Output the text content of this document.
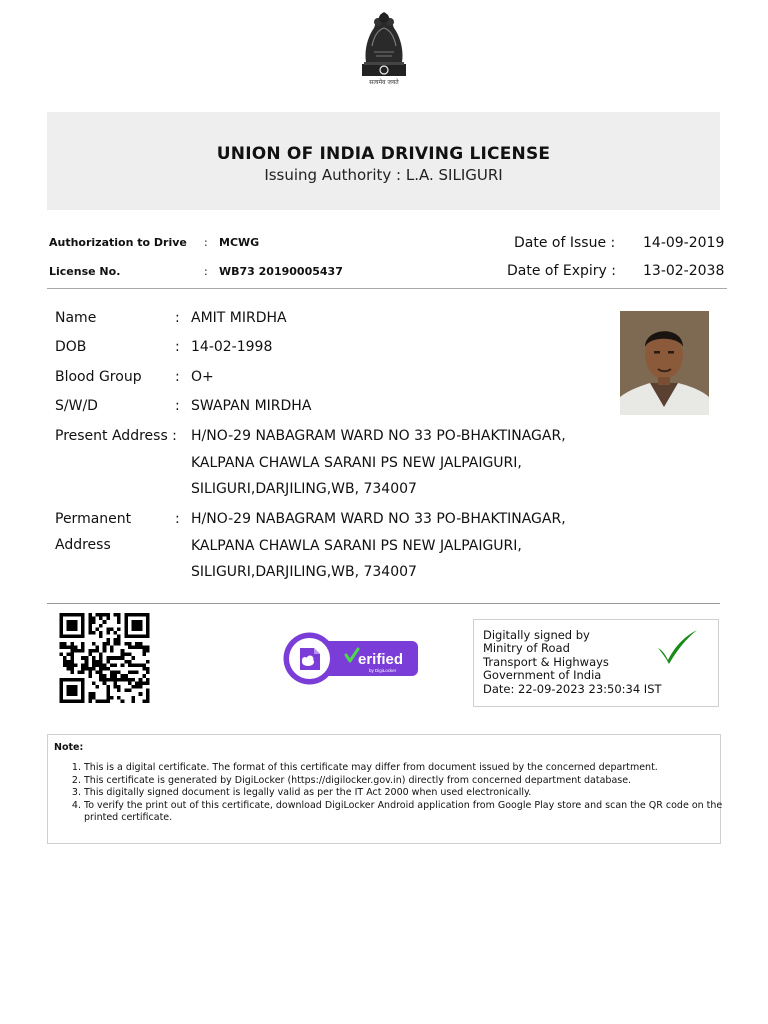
सत्यमेव जयते
UNION OF INDIA DRIVING LICENSE
Issuing Authority : L.A. SILIGURI
Authorization to Drive : MCWG
License No.	: WB73 20190005437
Date of Issue : 14-09-2019
Date of Expiry : 13-02-2038
Name	: AMIT MIRDHA
DOB	: 14-02-1998
Blood Group : O+
S/W/D	: SWAPAN MIRDHA
Present Address : H/NO-29 NABAGRAM WARD NO 33 PO-BHAKTINAGAR,
KALPANA CHAWLA SARANI PS NEW JALPAIGURI,
SILIGURI,DARJILING,WB, 734007
Permanent
Address
: H/NO-29 NABAGRAM WARD NO 33 PO-BHAKTINAGAR,
KALPANA CHAWLA SARANI PS NEW JALPAIGURI,
SILIGURI,DARJILING,WB, 734007
erified
by DigiLocker
Digitally signed by
Minitry of Road
Transport & Highways
Government of India
Date: 22-09-2023 23:50:34 IST
Note:
1. This is a digital certificate. The format of this certificate may differ from document issued by the concerned department.
2. This certificate is generated by DigiLocker (https://digilocker.gov.in) directly from concerned department database.
3. This digitally signed document is legally valid as per the IT Act 2000 when used electronically.
4. To verify the print out of this certificate, download DigiLocker Android application from Google Play store and scan the QR code on the printed certificate.
